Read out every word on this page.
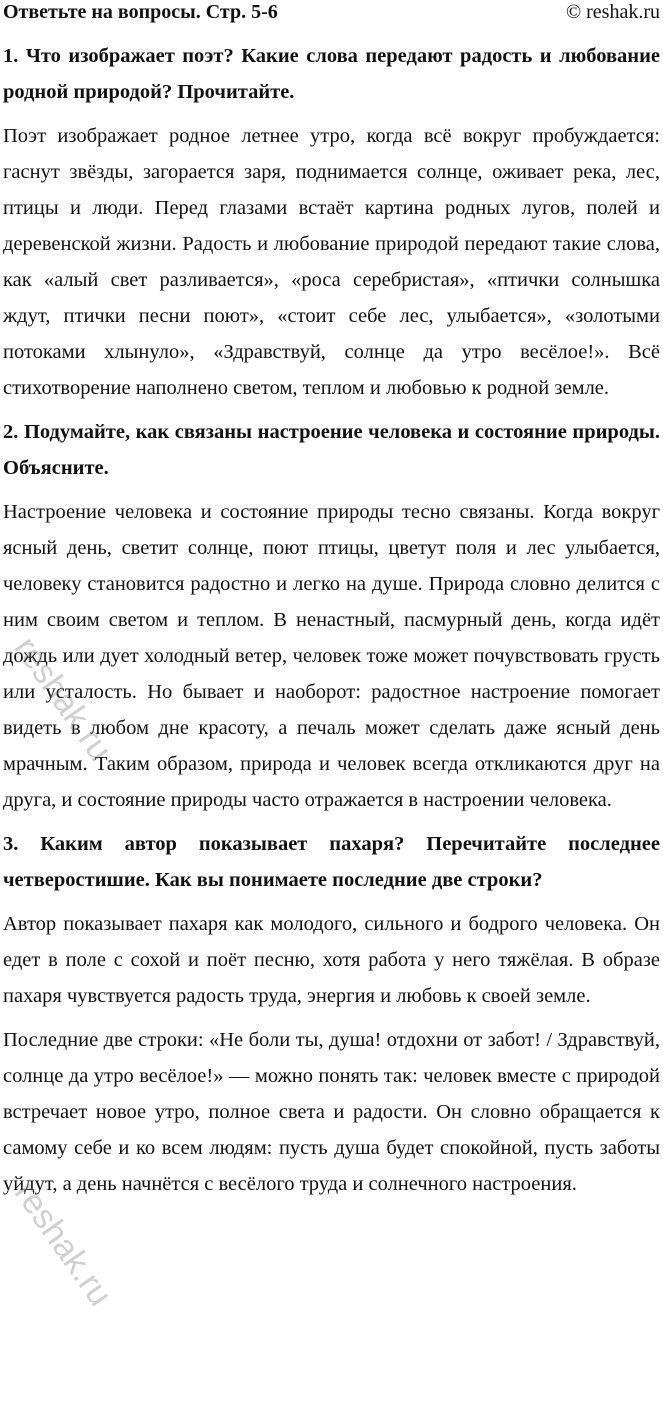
Ответьте на вопросы. Стр. 5-6	© reshak.ru
1. Что изображает поэт? Какие слова передают радость и любование родной природой? Прочитайте.
Поэт изображает родное летнее утро, когда всё вокруг пробуждается: гаснут звёзды, загорается заря, поднимается солнце, оживает река, лес, птицы и люди. Перед глазами встаёт картина родных лугов, полей и деревенской жизни. Радость и любование природой передают такие слова, как «алый свет разливается», «роса серебристая», «птички солнышка ждут, птички песни поют», «стоит себе лес, улыбается», «золотыми потоками хлынуло», «Здравствуй, солнце да утро весёлое!». Всё стихотворение наполнено светом, теплом и любовью к родной земле.
2. Подумайте, как связаны настроение человека и состояние природы. Объясните.
Настроение человека и состояние природы тесно связаны. Когда вокруг ясный день, светит солнце, поют птицы, цветут поля и лес улыбается, человеку становится радостно и легко на душе. Природа словно делится с ним своим светом и теплом. В ненастный, пасмурный день, когда идёт дождь или дует холодный ветер, человек тоже может почувствовать грусть или усталость. Но бывает и наоборот: радостное настроение помогает видеть в любом дне красоту, а печаль может сделать даже ясный день мрачным. Таким образом, природа и человек всегда откликаются друг на друга, и состояние природы часто отражается в настроении человека.
3. Каким автор показывает пахаря? Перечитайте последнее четверостишие. Как вы понимаете последние две строки?
Автор показывает пахаря как молодого, сильного и бодрого человека. Он едет в поле с сохой и поёт песню, хотя работа у него тяжёлая. В образе пахаря чувствуется радость труда, энергия и любовь к своей земле.
Последние две строки: «Не боли ты, душа! отдохни от забот! / Здравствуй, солнце да утро весёлое!» — можно понять так: человек вместе с природой встречает новое утро, полное света и радости. Он словно обращается к самому себе и ко всем людям: пусть душа будет спокойной, пусть заботы уйдут, а день начнётся с весёлого труда и солнечного настроения.
reshak.ru
reshak.ru
